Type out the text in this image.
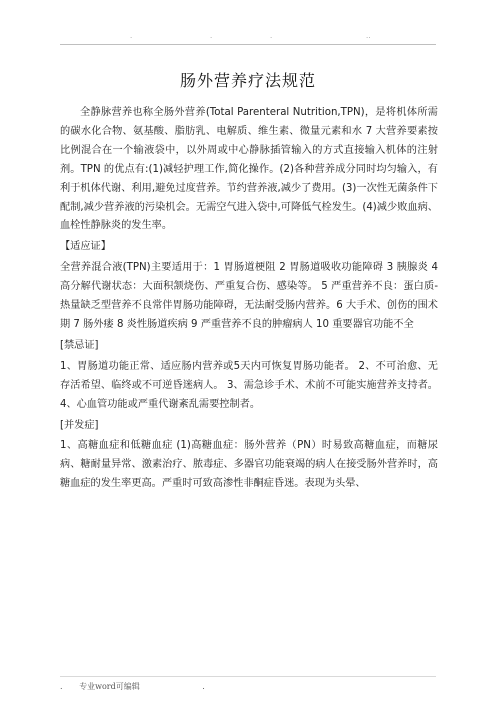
.	.	.	..
肠外营养疗法规范

全静脉营养也称全肠外营养(Total Parenteral Nutrition,TPN)，是将机体所需的碳水化合物、氨基酸、脂肪乳、电解质、维生素、微量元素和水 7 大营养要素按比例混合在一个输液袋中，以外周或中心静脉插管输入的方式直接输入机体的注射剂。TPN 的优点有:(1)减轻护理工作,简化操作。(2)各种营养成分同时均匀输入，有利于机体代谢、利用,避免过度营养。节约营养液,减少了费用。(3)一次性无菌条件下配制,减少营养液的污染机会。无需空气进入袋中,可降低气栓发生。(4)减少败血病、血栓性静脉炎的发生率。

【适应证】

全营养混合液(TPN)主要适用于：1 胃肠道梗阻 2 胃肠道吸收功能障碍 3 胰腺炎 4 高分解代谢状态：大面积颔烧伤、严重复合伤、感染等。 5 严重营养不良：蛋白质-热量缺乏型营养不良常伴胃肠功能障碍，无法耐受肠内营养。6 大手术、创伤的围术期 7 肠外瘘 8 炎性肠道疾病 9 严重营养不良的肿瘤病人 10 重要器官功能不全

[禁忌证]

1、胃肠道功能正常、适应肠内营养或5天内可恢复胃肠功能者。 2、不可治愈、无存活希望、临终或不可逆昏迷病人。 3、需急诊手术、术前不可能实施营养支持者。 4、心血管功能或严重代谢紊乱需要控制者。

[并发症]

1、高糖血症和低糖血症 (1)高糖血症：肠外营养（PN）时易致高糖血症，而糖尿病、糖耐量异常、激素治疗、脓毒症、多器官功能衰竭的病人在接受肠外营养时，高糖血症的发生率更高。严重时可致高渗性非酮症昏迷。表现为头晕、

. 专业word可编辑	.
